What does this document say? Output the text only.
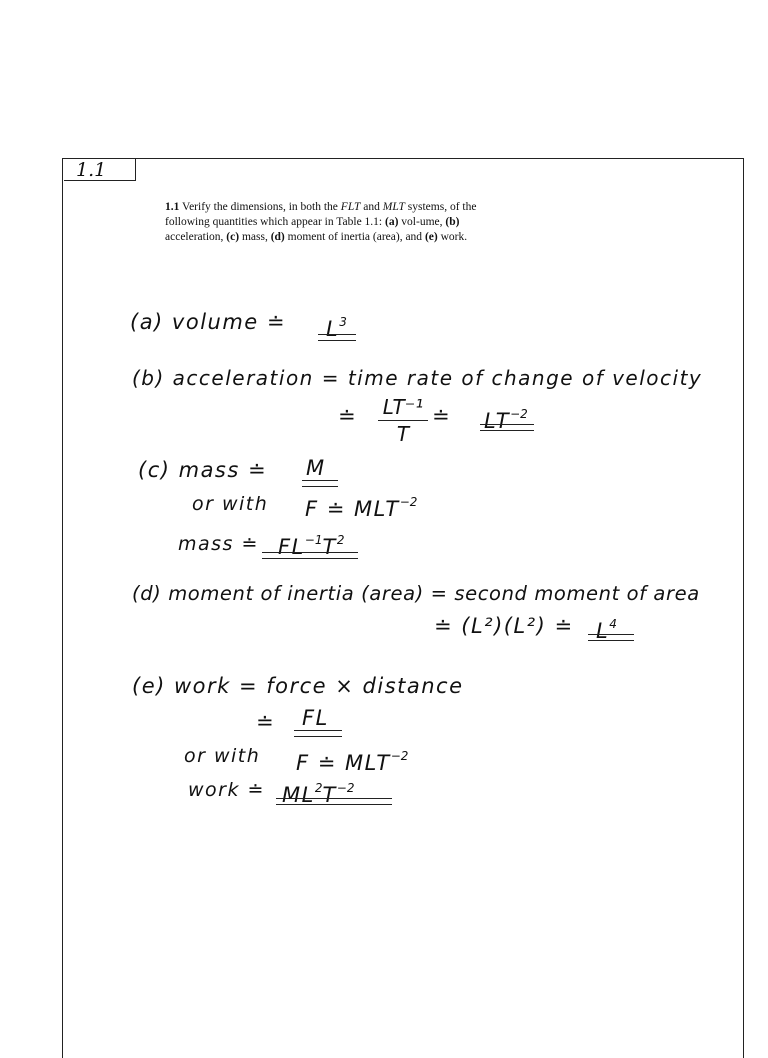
1.1
1.1 Verify the dimensions, in both the FLT and MLT systems, of the following quantities which appear in Table 1.1: (a) vol-ume, (b) acceleration, (c) mass, (d) moment of inertia (area), and (e) work.
(a) volume ≐ $L^3$
(b) acceleration = time rate of change of velocity
≐ LT⁻¹
T
≐ $LT^{-2}$
(c) mass ≐ M
or with F ≐ $MLT^{-2}$
mass ≐ $FL^{-1}T^2$
(d) moment of inertia (area) = second moment of area
≐ (L²)(L²) ≐ $L^4$
(e) work = force × distance
≐ FL
or with F ≐ $MLT^{-2}$
work ≐ $ML^2T^{-2}$
